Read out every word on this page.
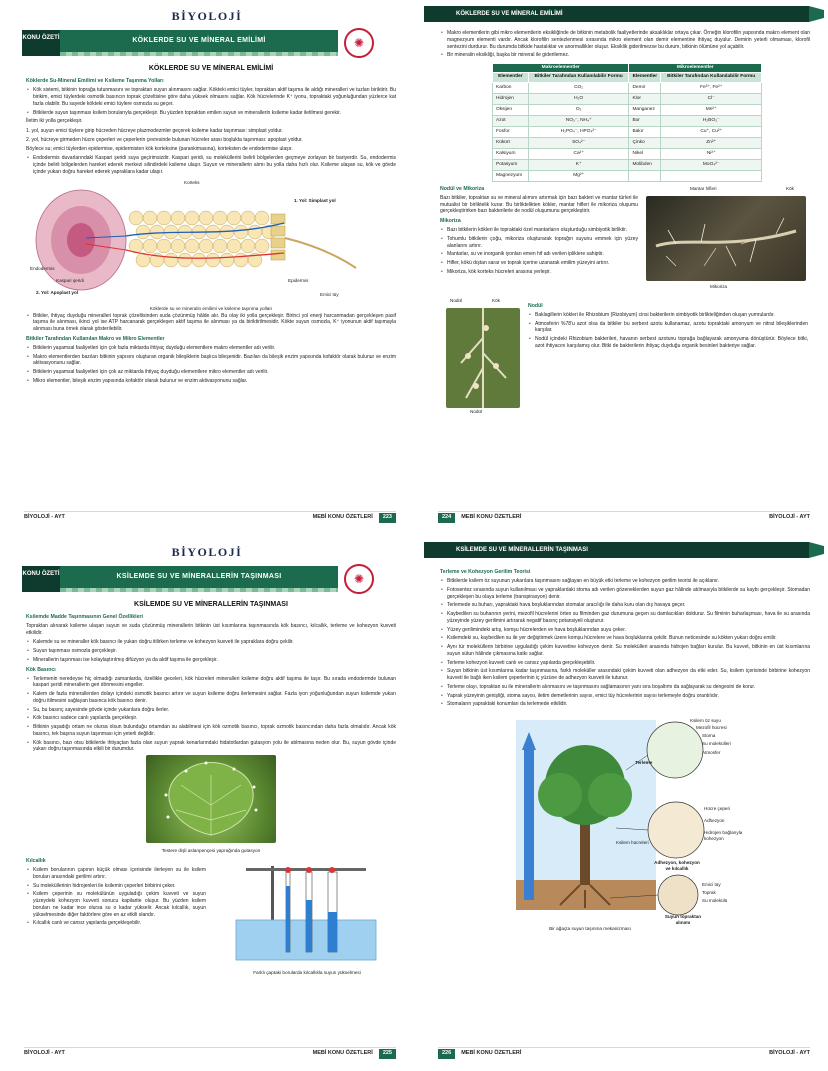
BİYOLOJİ
KONU ÖZETİ	KÖKLERDE SU VE MİNERAL EMİLİMİ	✺
KÖKLERDE SU VE MİNERAL EMİLİMİ
Köklerde Su-Mineral Emilimi ve Ksileme Taşınma Yolları
• Kök sistemi, bitkinin toprağa tutunmasını ve topraktan suyun alınmasını sağlar. Kökteki emici tüyler, topraktan aktif taşıma ile aldığı mineralleri ve tuzları biriktirir. Bu birikim, emici tüylerdeki osmotik basıncın toprak çözeltisine göre daha yüksek olmasını sağlar. Kök hücrelerinde K⁺ iyonu, topraktaki yoğunluğundan yüzlerce kat fazla olabilir. Bu sayede kökteki emici tüylere osmozla su geçer.
• Bitkilerde suyun taşınması ksilem borularıyla gerçekleşir. Bu yüzden topraktan emilen suyun ve minerallerin ksileme kadar iletilmesi gerekir.

İletim iki yolla gerçekleşir.

1. yol, suyun emici tüylere girip hücreden hücreye plazmodezmler geçerek ksileme kadar taşınması: simplast yoldur.

2. yol, hücreye girmeden hücre çeperleri ve çeperlerin çevresinde bulunan hücreler arası boşlukta taşınması: apoplast yoldur.

Böylece su; emici tüylerden epidermise, epidermisten kök korteksine (parankimasına), korteksten de endodermise ulaşır.

• Endodermis duvarlarındaki Kaspari şeridi suya geçirimsizdir. Kaspari şeridi, su moleküllerini belirli bölgelerden geçmeye zorlayan bir bariyerdir. Su, endodermis içinde belirli bölgelerden hareket ederek merkezi silindirdeki ksileme ulaşır. Suyun ve minerallerin alımı bu yolla daha hızlı olur. Ksileme ulaşan su, kök ve gövde içinde yukarı doğru hareket ederek yapraklara kadar ulaşır.
Korteks
1. Yol: Simplast yol
Endodermis
Kaspari şeridi
2. Yol: Apoplast yol
Epidermis
Emici tüy
Köklerde su ve mineralin emilimi ve ksileme taşınma yolları
• Bitkiler, ihtiyaç duyduğu mineralleri toprak çözeltisinden suda çözünmüş hâlde alır. Bu olay iki yolla gerçekleşir. Birinci yol enerji harcanmadan gerçekleşen pasif taşıma ile alınması, ikinci yol ise ATP harcanarak gerçekleşen aktif taşıma ile alınması ya da biriktirilmesidir. Kökte suyun osmozla, K⁺ iyonunun aktif taşımayla alınması buna örnek olarak gösterilebilir.
Bitkiler Tarafından Kullanılan Makro ve Mikro Elementler
• Bitkilerin yaşamsal faaliyetleri için çok fazla miktarda ihtiyaç duyduğu elementlere makro elementler adı verilir.
• Makro elementlerden bazıları bitkinin yapısını oluşturan organik bileşiklerin başlıca bileşenidir. Bazıları da bileşik enzim yapısında kofaktör olarak bulunur ve enzim aktivasyonunu sağlar.
• Bitkilerin yaşamsal faaliyetleri için çok az miktarda ihtiyaç duyduğu elementlere mikro elementler adı verilir.
• Mikro elementler, bileşik enzim yapısında kofaktör olarak bulunur ve enzim aktivasyonunu sağlar.
BİYOLOJİ - AYT	MEBİ KONU ÖZETLERİ	223
KÖKLERDE SU VE MİNERAL EMİLİMİ
• Makro elementlerin gibi mikro elementlerin eksikliğinde de bitkinin metabolik faaliyetlerinde aksaklıklar ortaya çıkar. Örneğin klorofilin yapısında makro element olan magnezyum elementi vardır. Ancak klorofilin sentezlenmesi sırasında mikro element olan demir elementine ihtiyaç duyulur. Demirin yeterli olmaması, klorofil sentezini durdurur. Bu durumda bitkide hastalıklar ve anormallikler oluşur. Eksiklik giderilmezse bu durum, bitkinin ölümüne yol açabilir.
• Bir mineralin eksikliği, başka bir mineral ile giderilemez.
Makroelementler		Mikroelementler	
Elementler	Bitkiler Tarafından Kullanılabilir Formu	Elementler	Bitkiler Tarafından Kullanılabilir Formu
Karbon	CO₂	Demir	Fe³⁺, Fe²⁺
Hidrojen	H₂O	Klor	Cl⁻
Oksijen	O₂	Manganez	Mn²⁺
Azot	NO₃⁻, NH₄⁺	Bor	H₂BO₃⁻
Fosfor	H₂PO₄⁻, HPO₄²⁻	Bakır	Cu⁺, Cu²⁺
Kükürt	SO₄²⁻	Çinko	Zn²⁺
Kalsiyum	Ca²⁺	Nikel	Ni²⁺
Potasyum	K⁺	Molibden	MoO₄²⁻
Magnezyum	Mg²⁺		
Nodül ve Mikoriza

Bazı bitkiler, topraktan su ve mineral alımını artırmak için bazı bakteri ve mantar türleri ile mutualist bir birliktelik kurar. Bu birliktelikten kökler, mantar hifleri ile mikoriza oluşumu gerçekleştirirken bazı bakterilerle de nodül oluşumunu gerçekleştirir.

Mikoriza
• Bazı bitkilerin kökleri ile topraktaki özel mantarların oluşturduğu simbiyotik birliktir.
• Tohumlu bitkilerin çoğu, mikoriza oluşturarak toprağın suyunu emmek için yüzey alanlarını artırır.
• Mantarlar, su ve inorganik iyonları emen hif adı verilen ipliklere sahiptir.
• Hifler, kökü dıştan sarar ve toprak içerine uzanarak emilim yüzeyini artırır.
• Mikoriza, kök korteks hücreleri arasına yerleşir.
Mantar hifleri	Kök
Mikoriza
Nodül	Kök
Nodül
Nodül
• Baklagillerin kökleri ile Rhizobium (Rizobiyum) cinsi bakterilerin simbiyotik birlikteliğinden oluşan yumrulardır.
• Atmosferin %78'u azot olsa da bitkiler bu serbest azotu kullanamaz, azotu topraktaki amonyum ve nitrat bileşiklerinden karşılar.
• Nodül içindeki Rhizobium bakterileri, havanın serbest azotunu toprağa bağlayarak amonyuma dönüştürür. Böylece bitki, azot ihtiyacını karşılamış olur. Bitki de bakterilerin ihtiyaç duyduğu organik besinleri bakteriye sağlar.
224	MEBİ KONU ÖZETLERİ	BİYOLOJİ - AYT
BİYOLOJİ
KONU ÖZETİ	KSİLEMDE SU VE MİNERALLERİN TAŞINMASI	✺
KSİLEMDE SU VE MİNERALLERİN TAŞINMASI
Ksilemde Madde Taşınmasının Genel Özellikleri

Topraktan alınarak ksileme ulaşan suyun ve suda çözünmüş minerallerin bitkinin üst kısımlarına taşınmasında kök basıncı, kılcallık, terleme ve kohezyon kuvveti etkilidir.

• Kalemde su ve mineraller kök basıncı ile yukarı doğru itilirken terleme ve kohezyon kuvveti ile yapraklara doğru çekilir.
• Suyun taşınması osmozla gerçekleşir.
• Minerallerin taşınması ise kolaylaştırılmış difüzyon ya da aktif taşıma ile gerçekleşir.
Kök Basıncı
• Terlemenin neredeyse hiç olmadığı zamanlarda, özellikle geceleri, kök hücreleri mineralleri ksileme doğru aktif taşıma ile taşır. Bu sırada endodermde bulunan kaspari şeridi minerallerin geri dönmesini engeller.
• Kalem de fazla minerallerden dolayı içindeki osmotik basıncı artırır ve suyun ksileme doğru ilerlemesini sağlar. Fazla iyon yoğunluğundan suyun ksilemde yukarı doğru itilmesini sağlayan basınca kök basıncı denir.
• Su, bu basınç sayesinde gövde içinde yukarılara doğru ilerler.
• Kök basıncı sadece canlı yapılarda gerçekleşir.
• Bitkinin yaşadığı ortam ne olursa olsun bulunduğu ortamdan su alabilmesi için kök ozmotik basıncı, toprak ozmotik basıncından daha fazla olmalıdır. Ancak kök basıncı, tek başına suyun taşınması için yeterli değildir.
• Kök basıncı, bazı otsu bitkilerde ihtiyaçtan fazla olan suyun yaprak kenarlarındaki hidatotlardan gutasyon yolu ile atılmasına neden olur. Bu, suyun gövde içinde yukarı doğru taşınmasında etkili bir durumdur.
Testere dişli aslanpençesi yaprağında gutasyon
Kılcallık
• Ksilem borularının çapının küçük olması içerisinde ilerleyen su ile ksilem boruları arasındaki gerilimi artırır.
• Su moleküllerinin hidrojenleri ile ksilemin çeperleri birbirini çeker.
• Ksilem çeperinin su molekülünün uyguladığı çekim kuvveti ve suyun yüzeydeki kohezyon kuvveti sonucu kapilarite oluşur. Bu yüzden ksilem boruları ne kadar ince olursa su o kadar yükselir. Ancak kılcallık, suyun yükselmesinde diğer faktörlere göre en az etkili olandır.
• Kılcallık canlı ve cansız yapılarda gerçekleşebilir.
Farklı çaptaki borularda kılcallıkla suyun yükselmesi
BİYOLOJİ - AYT	MEBİ KONU ÖZETLERİ	225
KSİLEMDE SU VE MİNERALLERİN TAŞINMASI
Terleme ve Kohezyon Gerilim Teorisi
• Bitkilerde ksilem öz suyunun yukarılara taşınmasını sağlayan en büyük etki terleme ve kohezyon gerilim teorisi ile açıklanır.
• Fotosentez sırasında suyun kullanılması ve yapraklardaki stoma adı verilen gözeneklerden suyun gaz hâlinde atılmasıyla bitkilerde su kaybı gerçekleşir. Stomadan gerçekleşen bu olaya terleme (transpirasyon) denir.
• Terlemede su buharı, yapraktaki hava boşluklarından stomalar aracılığı ile daha kuru olan dış havaya geçer.
• Kaybedilen su buharının yerini, mezofil hücrelerini örten su filminden gaz durumuna geçen su damlacıkları doldurur. Su filminin buharlaşması, hava ile su arasında yüzeyinde yüzey gerilimini artırarak negatif basınç potansiyeli oluşturur.
• Yüzey gerilimindeki artış, komşu hücrelerden ve hava boşluklarından suyu çeker.
• Ksilemdeki su, kaybedilen su ile yer değiştirmek üzere komşu hücrelere ve hava boşluklarına çekilir. Bunun neticesinde su kökten yukarı doğru emilir.
• Aynı tür moleküllerin birbirine uyguladığı çekim kuvvetine kohezyon denir. Su molekülleri arasında hidrojen bağları kurulur. Bu kuvvet, bitkinin en üst kısımlarına suyun sütun hâlinde çıkmasına katkı sağlar.
• Terleme kohezyon kuvveti canlı ve cansız yapılarda gerçekleşebilir.
• Suyun bitkinin üst kısımlarına kadar taşınmasına, farklı moleküller arasındaki çekim kuvveti olan adhezyon da etki eder. Su, ksilem içerisinde birbirine kohezyon kuvveti ile bağlı iken ksilem çeperlerinin iç yüzüne de adhezyon kuvveti ile tutunur.
• Terleme olayı, topraktan su ile minerallerin alınmasını ve taşınmasını sağlamasının yanı sıra boşaltımı da sağlayarak su dengesini de korur.
• Yaprak yüzeyinin genişliği, stoma sayısı, iletim demetlerinin sayısı, emici tüy hücrelerinin sayısı terlemeyle doğru orantılıdır.
• Stomaların yapraktaki konumları da terlemede etkilidir.
Ksilem öz suyu
Mezofil hücresi
Stoma
Su molekülleri
Atmosfer
Terleme
Hücre çeperi
Adhezyon
Hidrojen bağlarıyla kohezyon
Ksilem hücreleri
Adhezyon, kohezyon ve kılcallık
Emici tüy
Toprak
Su molekülü
Suyun topraktan alınımı
Suyun ksileme doğru akışı
Bir ağaçta suyun taşınma mekanizması
226	MEBİ KONU ÖZETLERİ	BİYOLOJİ - AYT
